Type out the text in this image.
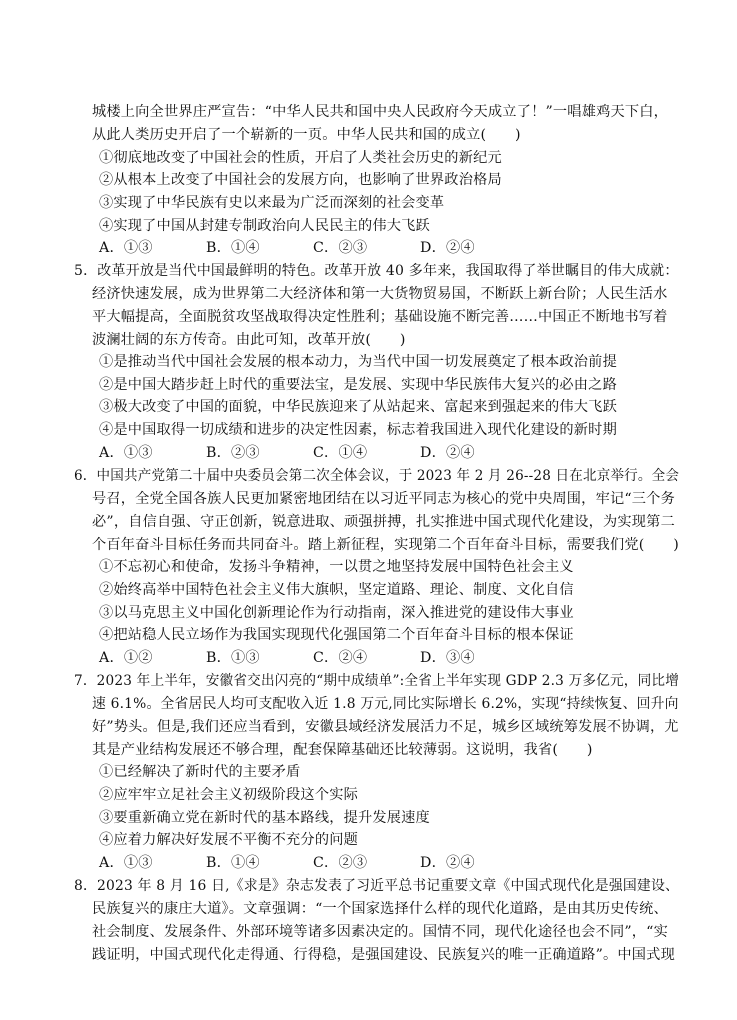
城楼上向全世界庄严宣告：“中华人民共和国中央人民政府今天成立了！”一唱雄鸡天下白，
从此人类历史开启了一个崭新的一页。中华人民共和国的成立(　　)
①彻底地改变了中国社会的性质，开启了人类社会历史的新纪元
②从根本上改变了中国社会的发展方向，也影响了世界政治格局
③实现了中华民族有史以来最为广泛而深刻的社会变革
④实现了中国从封建专制政治向人民民主的伟大飞跃
A．①③	B．①④	C．②③	D．②④
5．改革开放是当代中国最鲜明的特色。改革开放 40 多年来，我国取得了举世瞩目的伟大成就：
经济快速发展，成为世界第二大经济体和第一大货物贸易国，不断跃上新台阶；人民生活水
平大幅提高，全面脱贫攻坚战取得决定性胜利；基础设施不断完善……中国正不断地书写着
波澜壮阔的东方传奇。由此可知，改革开放(　　)
①是推动当代中国社会发展的根本动力，为当代中国一切发展奠定了根本政治前提
②是中国大踏步赶上时代的重要法宝，是发展、实现中华民族伟大复兴的必由之路
③极大改变了中国的面貌，中华民族迎来了从站起来、富起来到强起来的伟大飞跃
④是中国取得一切成绩和进步的决定性因素，标志着我国进入现代化建设的新时期
A．①③	B．②③	C．①④	D．②④
6．中国共产党第二十届中央委员会第二次全体会议，于 2023 年 2 月 26--28 日在北京举行。全会
号召，全党全国各族人民更加紧密地团结在以习近平同志为核心的党中央周围，牢记“三个务
必”，自信自强、守正创新，锐意进取、顽强拼搏，扎实推进中国式现代化建设，为实现第二
个百年奋斗目标任务而共同奋斗。踏上新征程，实现第二个百年奋斗目标，需要我们党(　　)
①不忘初心和使命，发扬斗争精神，一以贯之地坚持发展中国特色社会主义
②始终高举中国特色社会主义伟大旗帜，坚定道路、理论、制度、文化自信
③以马克思主义中国化创新理论作为行动指南，深入推进党的建设伟大事业
④把站稳人民立场作为我国实现现代化强国第二个百年奋斗目标的根本保证
A．①②	B．①③	C．②④	D．③④
7．2023 年上半年，安徽省交出闪亮的“期中成绩单”:全省上半年实现 GDP 2.3 万多亿元，同比增
速 6.1%。全省居民人均可支配收入近 1.8 万元,同比实际增长 6.2%，实现“持续恢复、回升向
好”势头。但是,我们还应当看到，安徽县域经济发展活力不足，城乡区域统筹发展不协调，尤
其是产业结构发展还不够合理，配套保障基础还比较薄弱。这说明，我省(　　)
①已经解决了新时代的主要矛盾
②应牢牢立足社会主义初级阶段这个实际
③要重新确立党在新时代的基本路线，提升发展速度
④应着力解决好发展不平衡不充分的问题
A．①③	B．①④	C．②③	D．②④
8．2023 年 8 月 16 日,《求是》杂志发表了习近平总书记重要文章《中国式现代化是强国建设、
民族复兴的康庄大道》。文章强调：“一个国家选择什么样的现代化道路，是由其历史传统、
社会制度、发展条件、外部环境等诸多因素决定的。国情不同，现代化途径也会不同”，“实
践证明，中国式现代化走得通、行得稳，是强国建设、民族复兴的唯一正确道路”。中国式现
